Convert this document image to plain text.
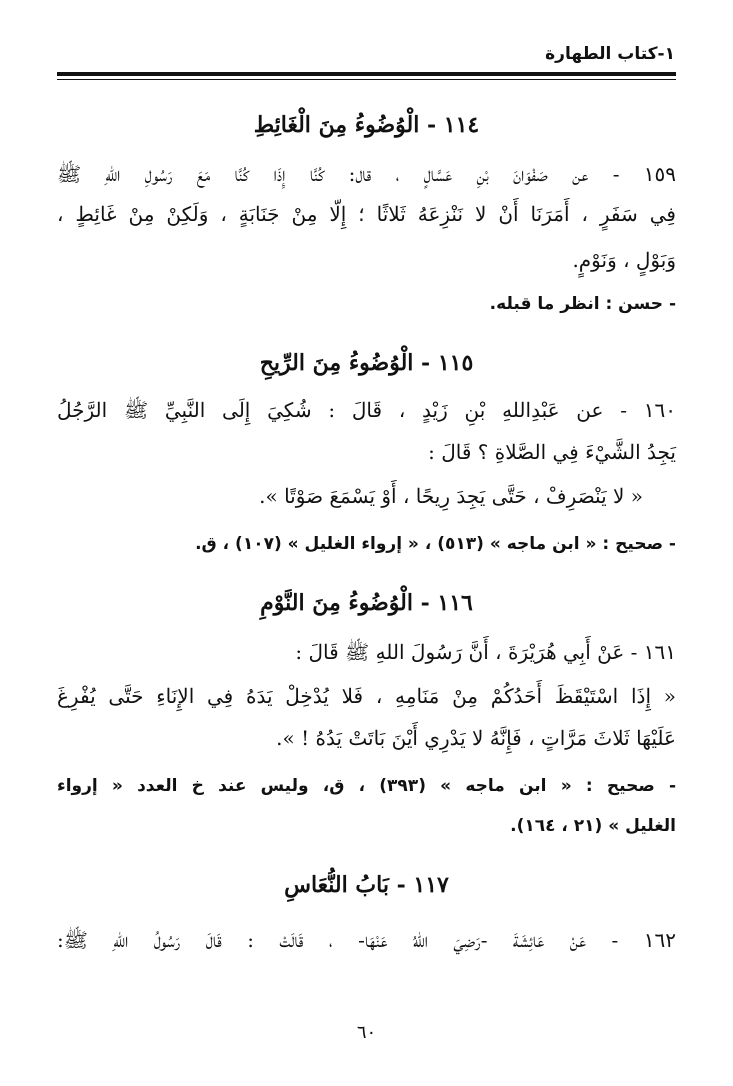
١-كتاب الطهارة
١١٤ - الْوُضُوءُ مِنَ الْغَائِطِ
١٥٩ - عن صَفْوَانَ بْنِ عَسَّالٍ ، قال: كُنَّا إِذَا كُنَّا مَعَ رَسُولِ اللهِ ﷺ
فِي سَفَرٍ ، أَمَرَنَا أَنْ لا نَنْزِعَهُ ثَلاثًا ؛ إِلّا مِنْ جَنَابَةٍ ، وَلَكِنْ مِنْ غَائِطٍ ،
وَبَوْلٍ ، وَنَوْمٍ.
- حسن : انظر ما قبله.
١١٥ - الْوُضُوءُ مِنَ الرِّيحِ
١٦٠ - عن عَبْدِاللهِ بْنِ زَيْدٍ ، قَالَ : شُكِيَ إِلَى النَّبِيِّ ﷺ الرَّجُلُ
يَجِدُ الشَّيْءَ فِي الصَّلاةِ ؟ قَالَ :
« لا يَنْصَرِفْ ، حَتَّى يَجِدَ رِيحًا ، أَوْ يَسْمَعَ صَوْتًا ».
- صحيح : « ابن ماجه » (٥١٣) ، « إرواء الغليل » (١٠٧) ، ق.
١١٦ - الْوُضُوءُ مِنَ النَّوْمِ
١٦١ - عَنْ أَبِي هُرَيْرَةَ ، أَنَّ رَسُولَ اللهِ ﷺ قَالَ :
« إِذَا اسْتَيْقَظَ أَحَدُكُمْ مِنْ مَنَامِهِ ، فَلا يُدْخِلْ يَدَهُ فِي الإِنَاءِ حَتَّى يُفْرِغَ
عَلَيْهَا ثَلاثَ مَرَّاتٍ ، فَإِنَّهُ لا يَدْرِي أَيْنَ بَاتَتْ يَدُهُ ! ».
- صحيح : « ابن ماجه » (٣٩٣) ، ق، وليس عند خ العدد « إرواء
الغليل » (٢١ ، ١٦٤).
١١٧ - بَابُ النُّعَاسِ
١٦٢ - عَنْ عَائِشَةَ -رَضِيَ اللهُ عَنْهَا- ، قَالَتْ : قَالَ رَسُولُ اللهِ ﷺ:
٦٠
